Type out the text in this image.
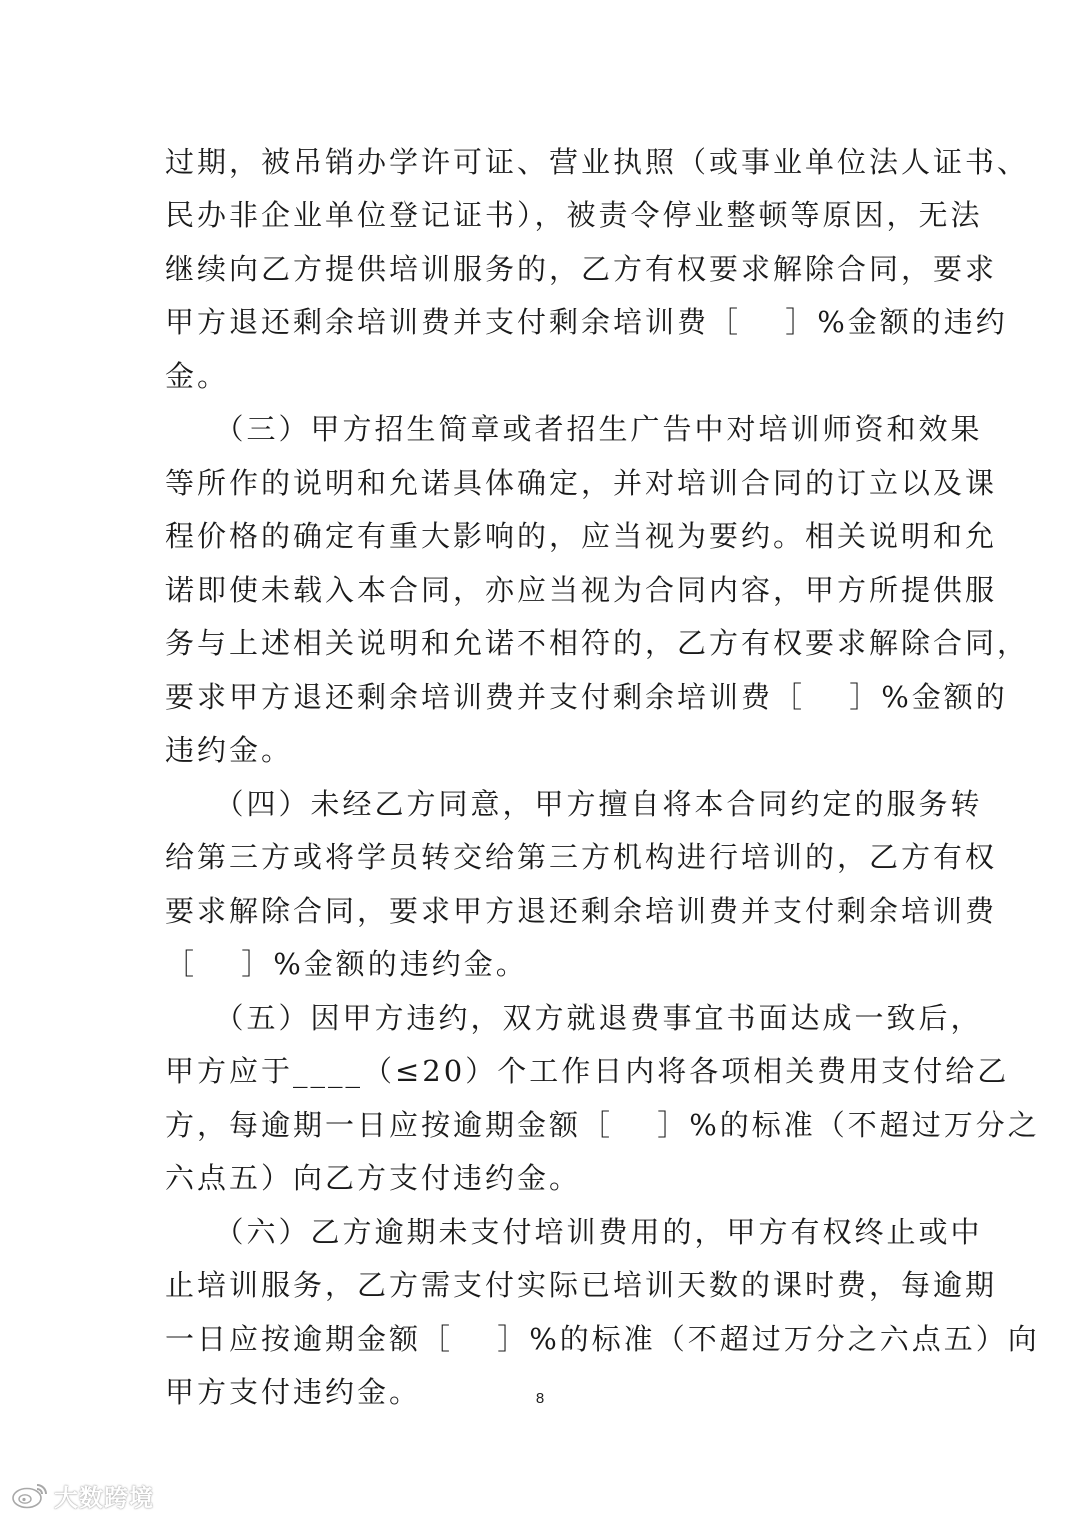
过期，被吊销办学许可证、营业执照（或事业单位法人证书、
民办非企业单位登记证书），被责令停业整顿等原因，无法
继续向乙方提供培训服务的，乙方有权要求解除合同，要求
甲方退还剩余培训费并支付剩余培训费［　 ］%金额的违约
金。
　　（三）甲方招生简章或者招生广告中对培训师资和效果
等所作的说明和允诺具体确定，并对培训合同的订立以及课
程价格的确定有重大影响的，应当视为要约。相关说明和允
诺即使未载入本合同，亦应当视为合同内容，甲方所提供服
务与上述相关说明和允诺不相符的，乙方有权要求解除合同，
要求甲方退还剩余培训费并支付剩余培训费［　 ］%金额的
违约金。
　　（四）未经乙方同意，甲方擅自将本合同约定的服务转
给第三方或将学员转交给第三方机构进行培训的，乙方有权
要求解除合同，要求甲方退还剩余培训费并支付剩余培训费
［　 ］%金额的违约金。
　　（五）因甲方违约，双方就退费事宜书面达成一致后，
甲方应于____（≤20）个工作日内将各项相关费用支付给乙
方，每逾期一日应按逾期金额［　 ］%的标准（不超过万分之
六点五）向乙方支付违约金。
　　（六）乙方逾期未支付培训费用的，甲方有权终止或中
止培训服务，乙方需支付实际已培训天数的课时费，每逾期
一日应按逾期金额［　 ］%的标准（不超过万分之六点五）向
甲方支付违约金。	8
大数跨境
